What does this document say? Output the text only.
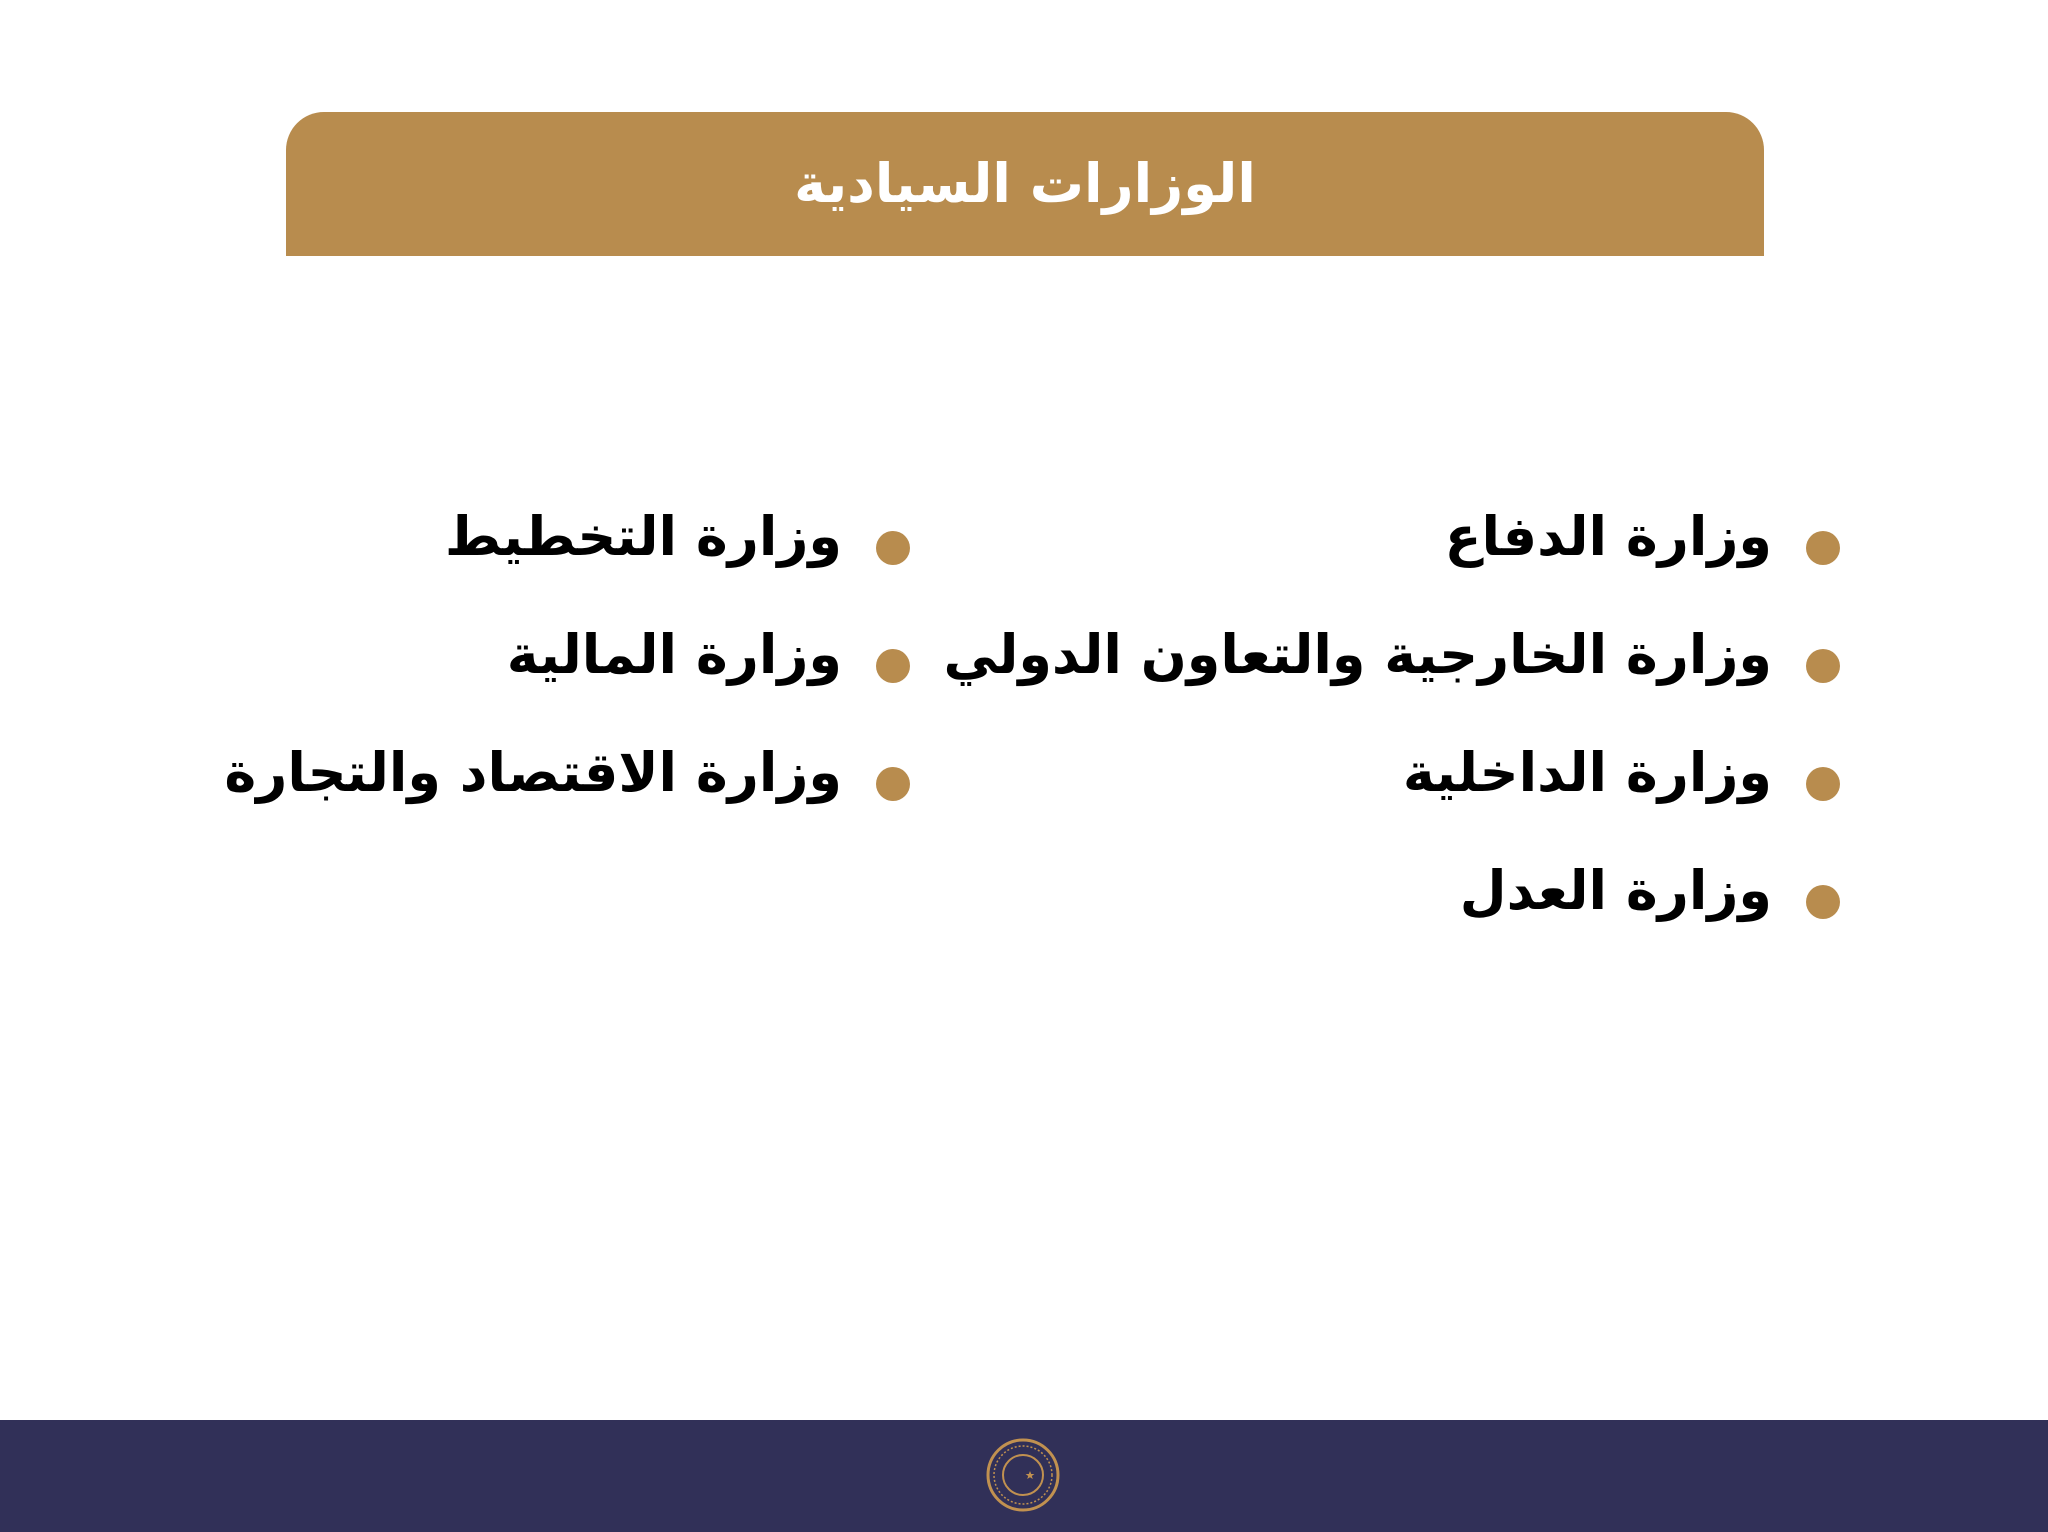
الوزارات السيادية
وزارة الدفاع
وزارة الخارجية والتعاون الدولي
وزارة الداخلية
وزارة العدل
وزارة التخطيط
وزارة المالية
وزارة الاقتصاد والتجارة
